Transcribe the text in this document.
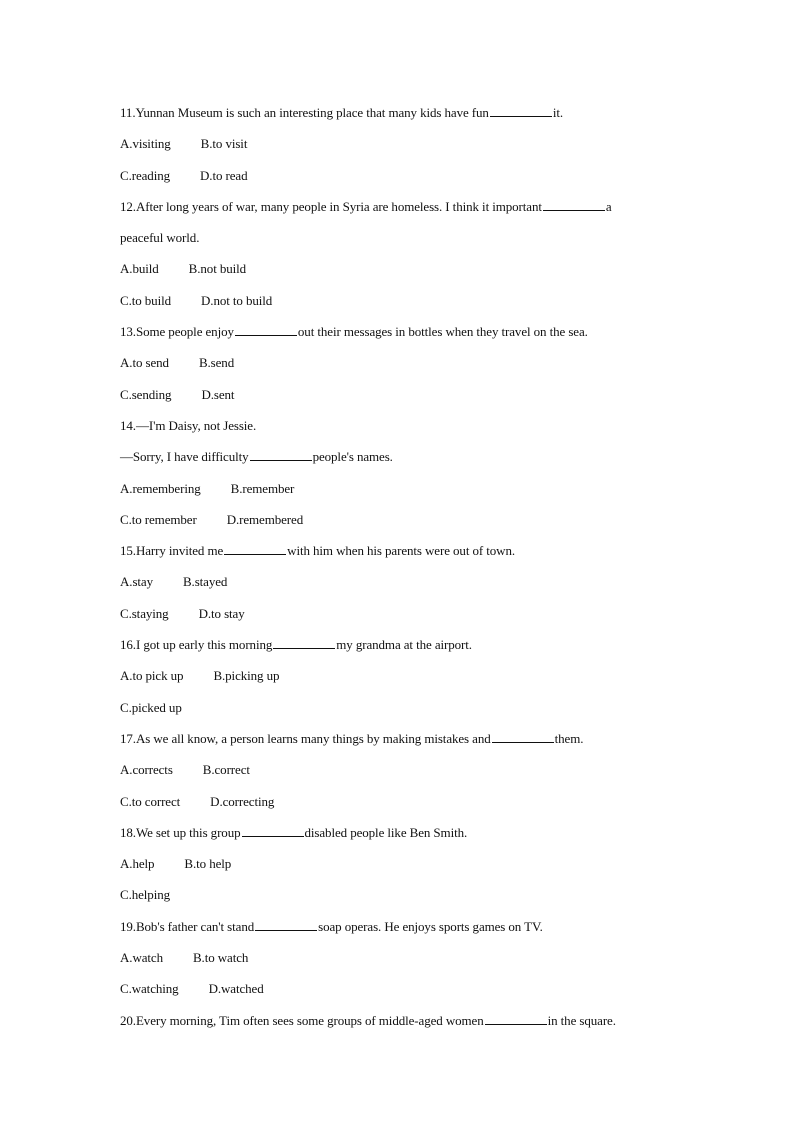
11.Yunnan Museum is such an interesting place that many kids have fun	it.
A.visiting B.to visit
C.reading D.to read
12.After long years of war, many people in Syria are homeless. I think it important	a
peaceful world.
A.build B.not build
C.to build D.not to build
13.Some people enjoy	out their messages in bottles when they travel on the sea.
A.to send B.send
C.sending D.sent
14.—I'm Daisy, not Jessie.
—Sorry, I have difficulty	people's names.
A.remembering B.remember
C.to remember D.remembered
15.Harry invited me	with him when his parents were out of town.
A.stay B.stayed
C.staying D.to stay
16.I got up early this morning	my grandma at the airport.
A.to pick up B.picking up
C.picked up
17.As we all know, a person learns many things by making mistakes and	them.
A.corrects B.correct
C.to correct D.correcting
18.We set up this group	disabled people like Ben Smith.
A.help B.to help
C.helping
19.Bob's father can't stand	soap operas. He enjoys sports games on TV.
A.watch B.to watch
C.watching D.watched
20.Every morning, Tim often sees some groups of middle-aged women	in the square.
